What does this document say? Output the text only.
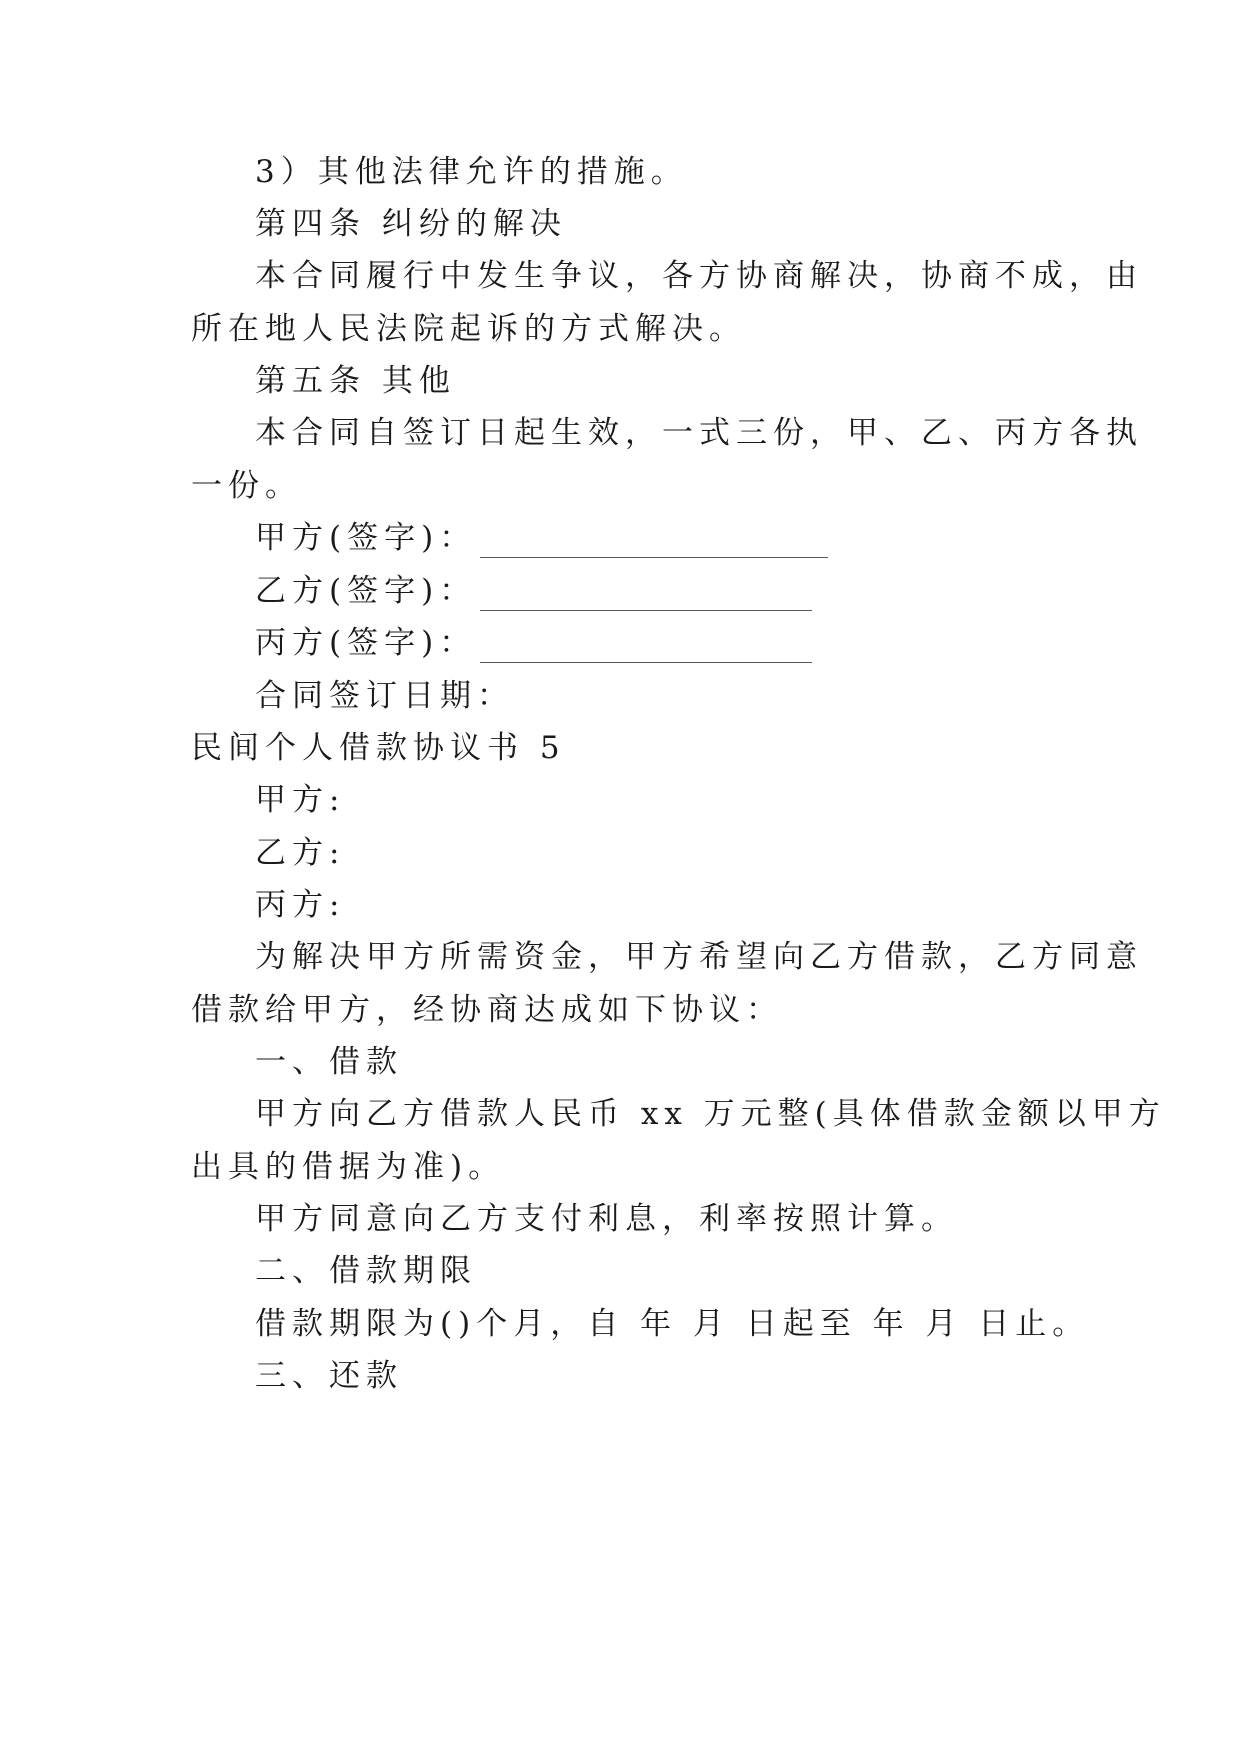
3）其他法律允许的措施。
第四条 纠纷的解决
本合同履行中发生争议，各方协商解决，协商不成，由
所在地人民法院起诉的方式解决。
第五条 其他
本合同自签订日起生效，一式三份，甲、乙、丙方各执
一份。
甲方(签字)：
乙方(签字)：
丙方(签字)：
合同签订日期：
民间个人借款协议书 5
甲方:
乙方:
丙方:
为解决甲方所需资金，甲方希望向乙方借款，乙方同意
借款给甲方，经协商达成如下协议：
一、借款
甲方向乙方借款人民币 xx 万元整(具体借款金额以甲方
出具的借据为准)。
甲方同意向乙方支付利息，利率按照计算。
二、借款期限
借款期限为()个月，自 年 月 日起至 年 月 日止。
三、还款
